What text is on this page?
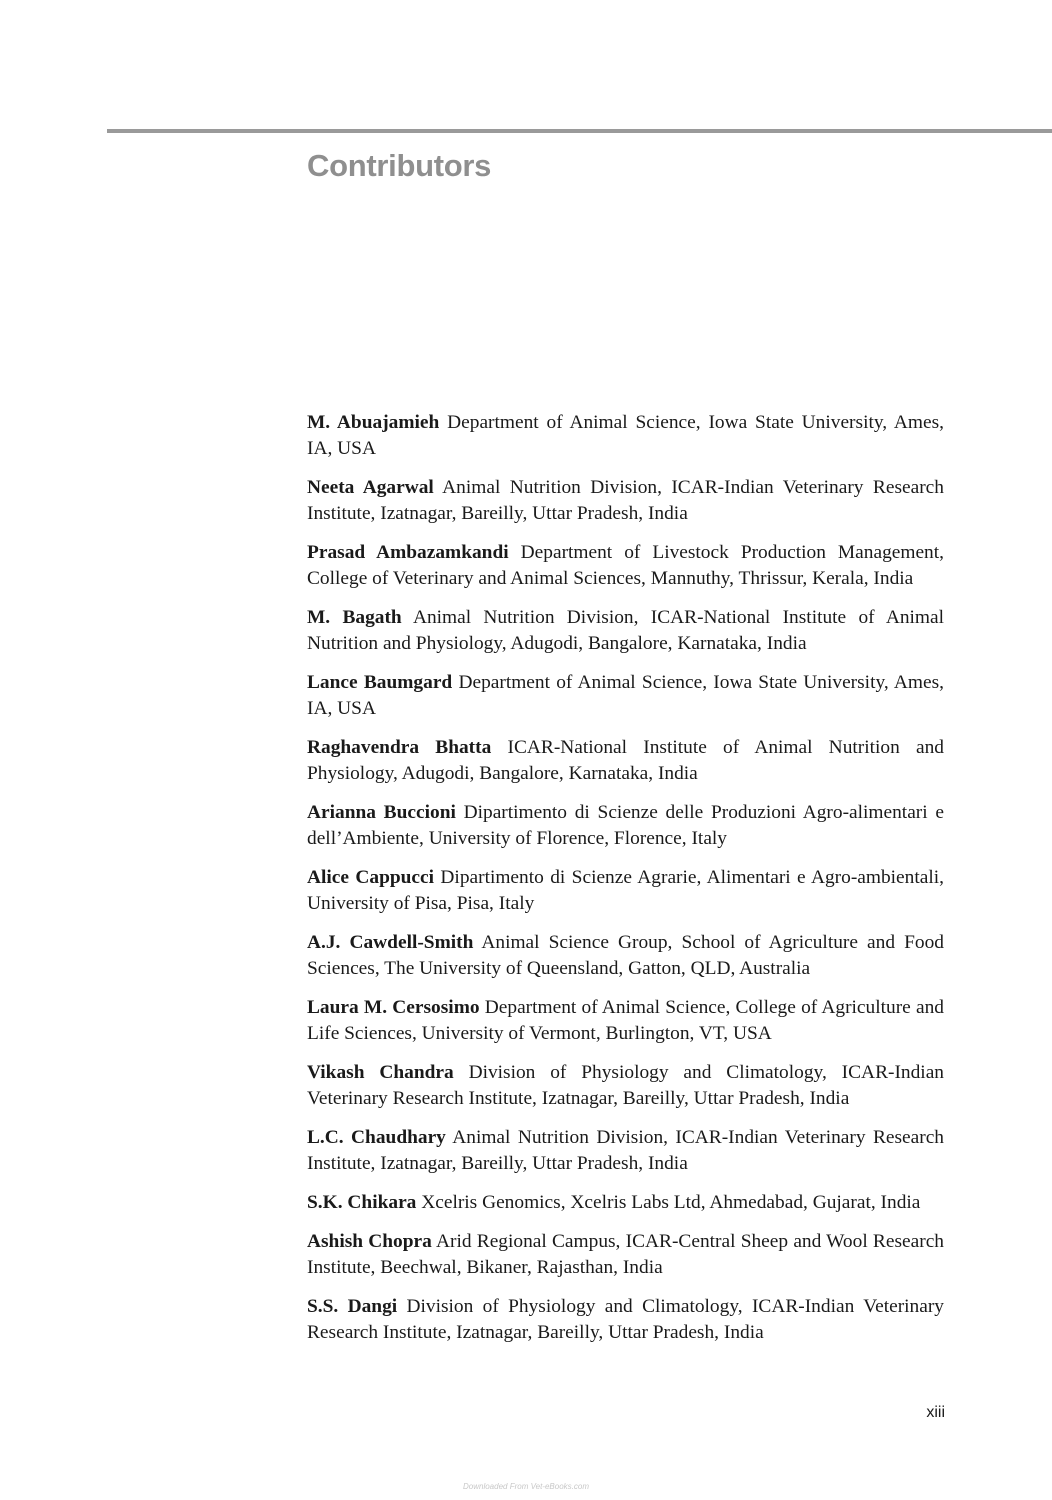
Contributors
M. Abuajamieh Department of Animal Science, Iowa State University, Ames, IA, USA
Neeta Agarwal Animal Nutrition Division, ICAR-Indian Veterinary Research Institute, Izatnagar, Bareilly, Uttar Pradesh, India
Prasad Ambazamkandi Department of Livestock Production Management, College of Veterinary and Animal Sciences, Mannuthy, Thrissur, Kerala, India
M. Bagath Animal Nutrition Division, ICAR-National Institute of Animal Nutrition and Physiology, Adugodi, Bangalore, Karnataka, India
Lance Baumgard Department of Animal Science, Iowa State University, Ames, IA, USA
Raghavendra Bhatta ICAR-National Institute of Animal Nutrition and Physiology, Adugodi, Bangalore, Karnataka, India
Arianna Buccioni Dipartimento di Scienze delle Produzioni Agro-alimentari e dell’Ambiente, University of Florence, Florence, Italy
Alice Cappucci Dipartimento di Scienze Agrarie, Alimentari e Agro-ambientali, University of Pisa, Pisa, Italy
A.J. Cawdell-Smith Animal Science Group, School of Agriculture and Food Sciences, The University of Queensland, Gatton, QLD, Australia
Laura M. Cersosimo Department of Animal Science, College of Agriculture and Life Sciences, University of Vermont, Burlington, VT, USA
Vikash Chandra Division of Physiology and Climatology, ICAR-Indian Veterinary Research Institute, Izatnagar, Bareilly, Uttar Pradesh, India
L.C. Chaudhary Animal Nutrition Division, ICAR-Indian Veterinary Research Institute, Izatnagar, Bareilly, Uttar Pradesh, India
S.K. Chikara Xcelris Genomics, Xcelris Labs Ltd, Ahmedabad, Gujarat, India
Ashish Chopra Arid Regional Campus, ICAR-Central Sheep and Wool Research Institute, Beechwal, Bikaner, Rajasthan, India
S.S. Dangi Division of Physiology and Climatology, ICAR-Indian Veterinary Research Institute, Izatnagar, Bareilly, Uttar Pradesh, India
xiii
Downloaded From Vet-eBooks.com
